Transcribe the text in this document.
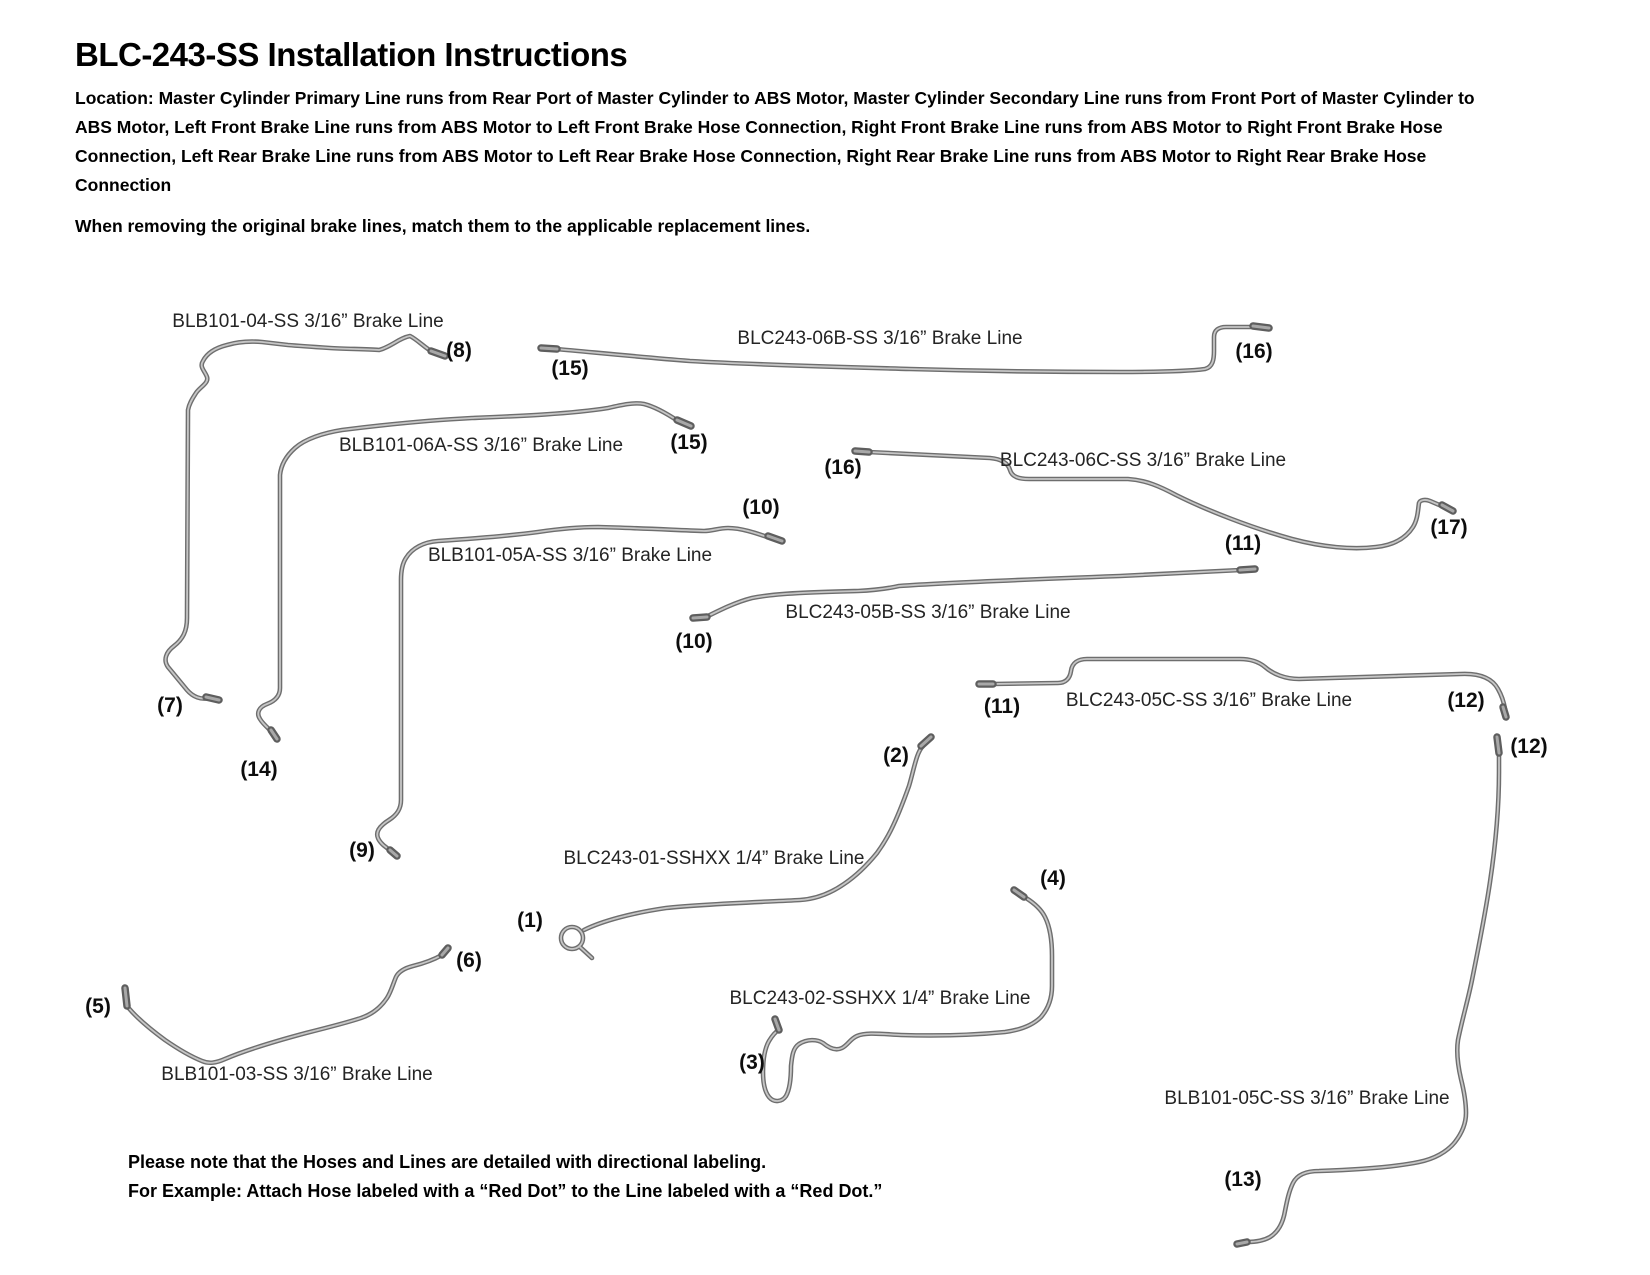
BLC-243-SS Installation Instructions

Location: Master Cylinder Primary Line runs from Rear Port of Master Cylinder to ABS Motor, Master Cylinder Secondary Line runs from Front Port of Master Cylinder to ABS Motor, Left Front Brake Line runs from ABS Motor to Left Front Brake Hose Connection, Right Front Brake Line runs from ABS Motor to Right Front Brake Hose Connection, Left Rear Brake Line runs from ABS Motor to Left Rear Brake Hose Connection, Right Rear Brake Line runs from ABS Motor to Right Rear Brake Hose Connection

When removing the original brake lines, match them to the applicable replacement lines.

BLB101-04-SS 3/16” Brake Line
(8)
(7)
BLC243-06B-SS 3/16” Brake Line
(15)
(16)
BLB101-06A-SS 3/16” Brake Line (15)
(14)
BLC243-06C-SS 3/16” Brake Line
(16)
(17)
BLB101-05A-SS 3/16” Brake Line
(10)
(9)
BLC243-05B-SS 3/16” Brake Line
(10)
(11)
BLC243-05C-SS 3/16” Brake Line
(11)	(12)
BLC243-01-SSHXX 1/4” Brake Line
(1)
(2)
BLC243-02-SSHXX 1/4” Brake Line
(3)
(4)
BLB101-03-SS 3/16” Brake Line
(5)
(6)
BLB101-05C-SS 3/16” Brake Line
(12)
(13)
Please note that the Hoses and Lines are detailed with directional labeling.
For Example: Attach Hose labeled with a “Red Dot” to the Line labeled with a “Red Dot.”
